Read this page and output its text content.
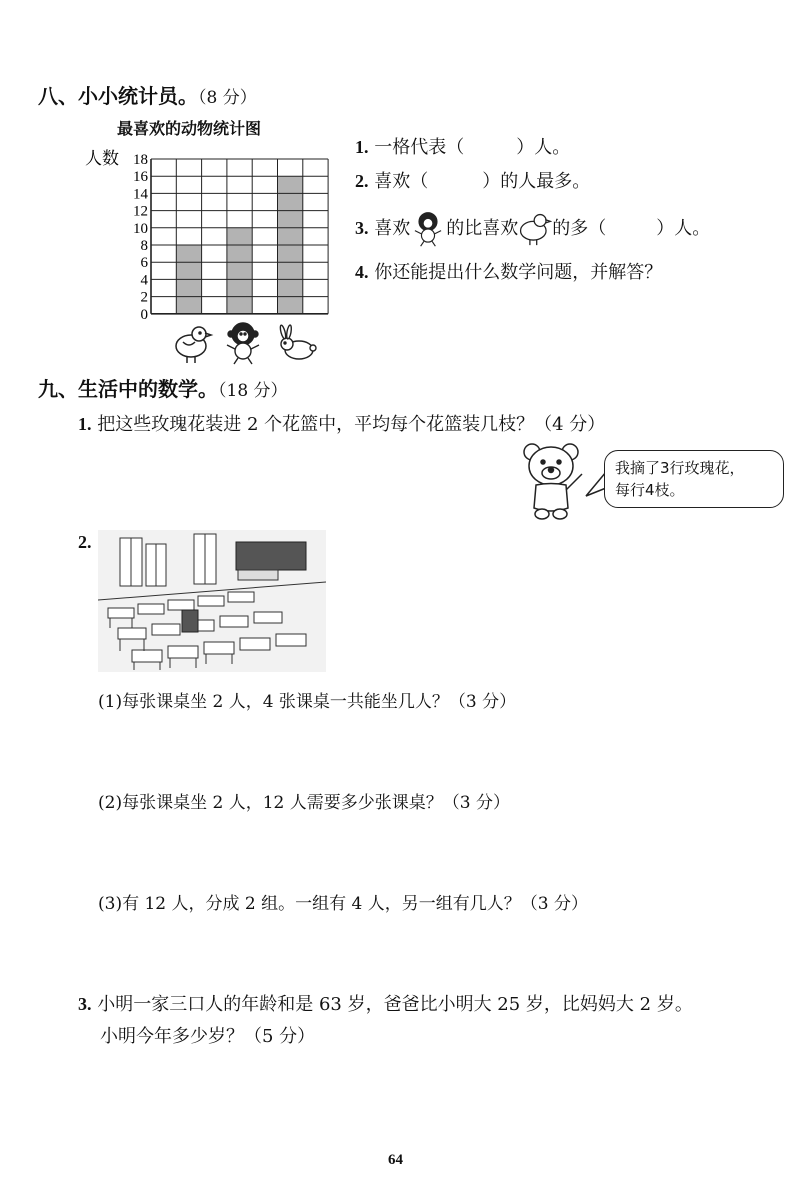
八、小小统计员。（8 分）
最喜欢的动物统计图
人数
0
2
4
6
8
10
12
14
16
18
1. 一格代表（	）人。
2. 喜欢（	）的人最多。
3. 喜欢 的比喜欢 的多（	）人。
4. 你还能提出什么数学问题，并解答？
九、生活中的数学。（18 分）
1. 把这些玫瑰花装进 2 个花篮中，平均每个花篮装几枝？（4 分）
我摘了3行玫瑰花，
每行4枝。
2.
(1)每张课桌坐 2 人，4 张课桌一共能坐几人？（3 分）
(2)每张课桌坐 2 人，12 人需要多少张课桌？（3 分）
(3)有 12 人，分成 2 组。一组有 4 人，另一组有几人？（3 分）
3. 小明一家三口人的年龄和是 63 岁，爸爸比小明大 25 岁，比妈妈大 2 岁。
小明今年多少岁？（5 分）
64
